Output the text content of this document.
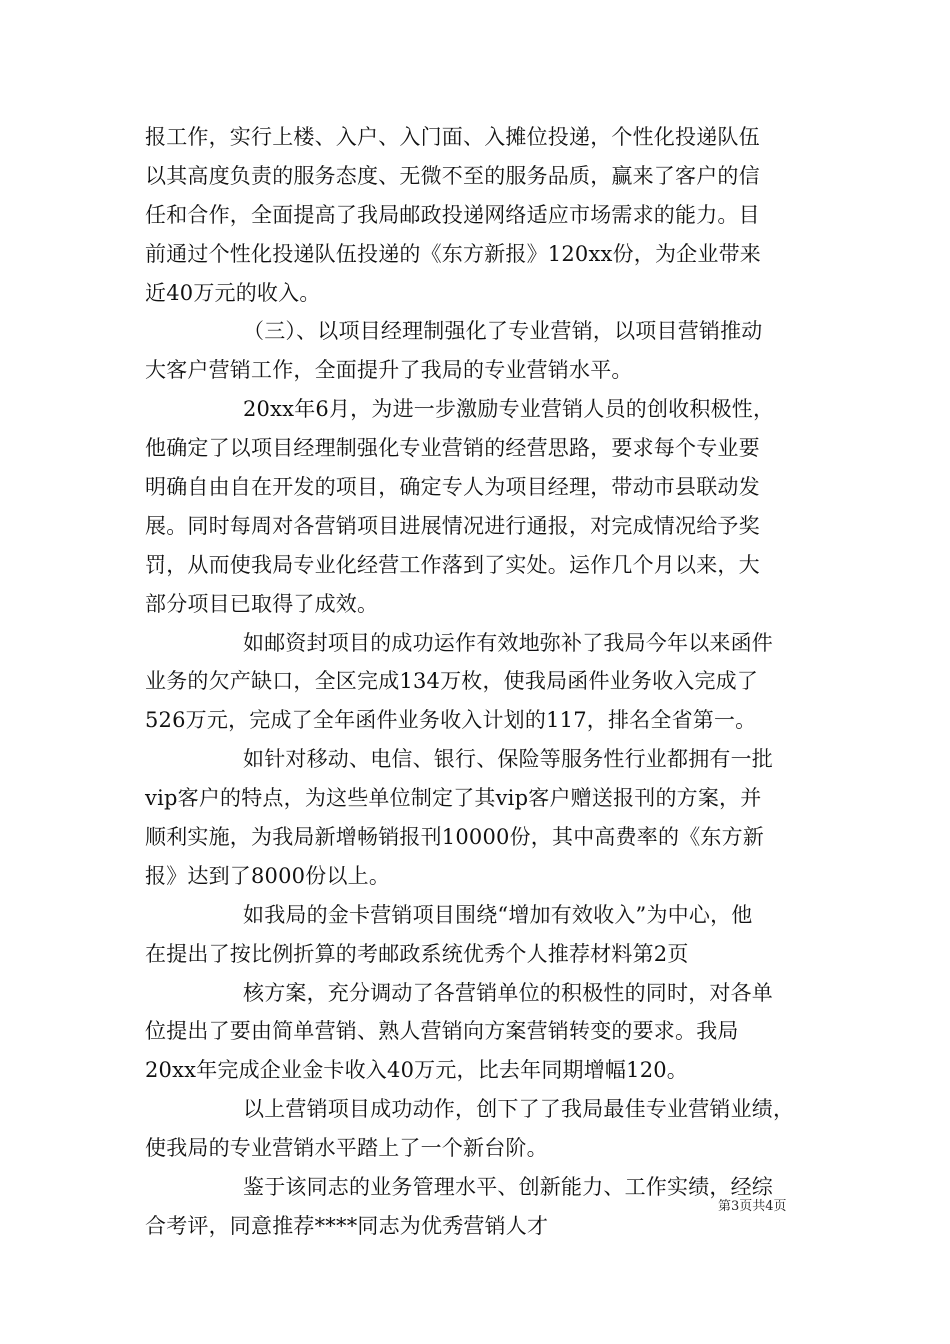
报工作，实行上楼、入户、入门面、入摊位投递，个性化投递队伍
以其高度负责的服务态度、无微不至的服务品质，赢来了客户的信
任和合作，全面提高了我局邮政投递网络适应市场需求的能力。目
前通过个性化投递队伍投递的《东方新报》120xx份，为企业带来
近40万元的收入。
（三）、以项目经理制强化了专业营销，以项目营销推动
大客户营销工作，全面提升了我局的专业营销水平。
20xx年6月，为进一步激励专业营销人员的创收积极性，
他确定了以项目经理制强化专业营销的经营思路，要求每个专业要
明确自由自在开发的项目，确定专人为项目经理，带动市县联动发
展。同时每周对各营销项目进展情况进行通报，对完成情况给予奖
罚，从而使我局专业化经营工作落到了实处。运作几个月以来，大
部分项目已取得了成效。
如邮资封项目的成功运作有效地弥补了我局今年以来函件
业务的欠产缺口，全区完成134万枚，使我局函件业务收入完成了
526万元，完成了全年函件业务收入计划的117，排名全省第一。
如针对移动、电信、银行、保险等服务性行业都拥有一批
vip客户的特点，为这些单位制定了其vip客户赠送报刊的方案，并
顺利实施，为我局新增畅销报刊10000份，其中高费率的《东方新
报》达到了8000份以上。
如我局的金卡营销项目围绕“增加有效收入”为中心，他
在提出了按比例折算的考邮政系统优秀个人推荐材料第2页
核方案，充分调动了各营销单位的积极性的同时，对各单
位提出了要由简单营销、熟人营销向方案营销转变的要求。我局
20xx年完成企业金卡收入40万元，比去年同期增幅120。
以上营销项目成功动作，创下了了我局最佳专业营销业绩，
使我局的专业营销水平踏上了一个新台阶。
鉴于该同志的业务管理水平、创新能力、工作实绩，经综
合考评，同意推荐****同志为优秀营销人才
第3页共4页
